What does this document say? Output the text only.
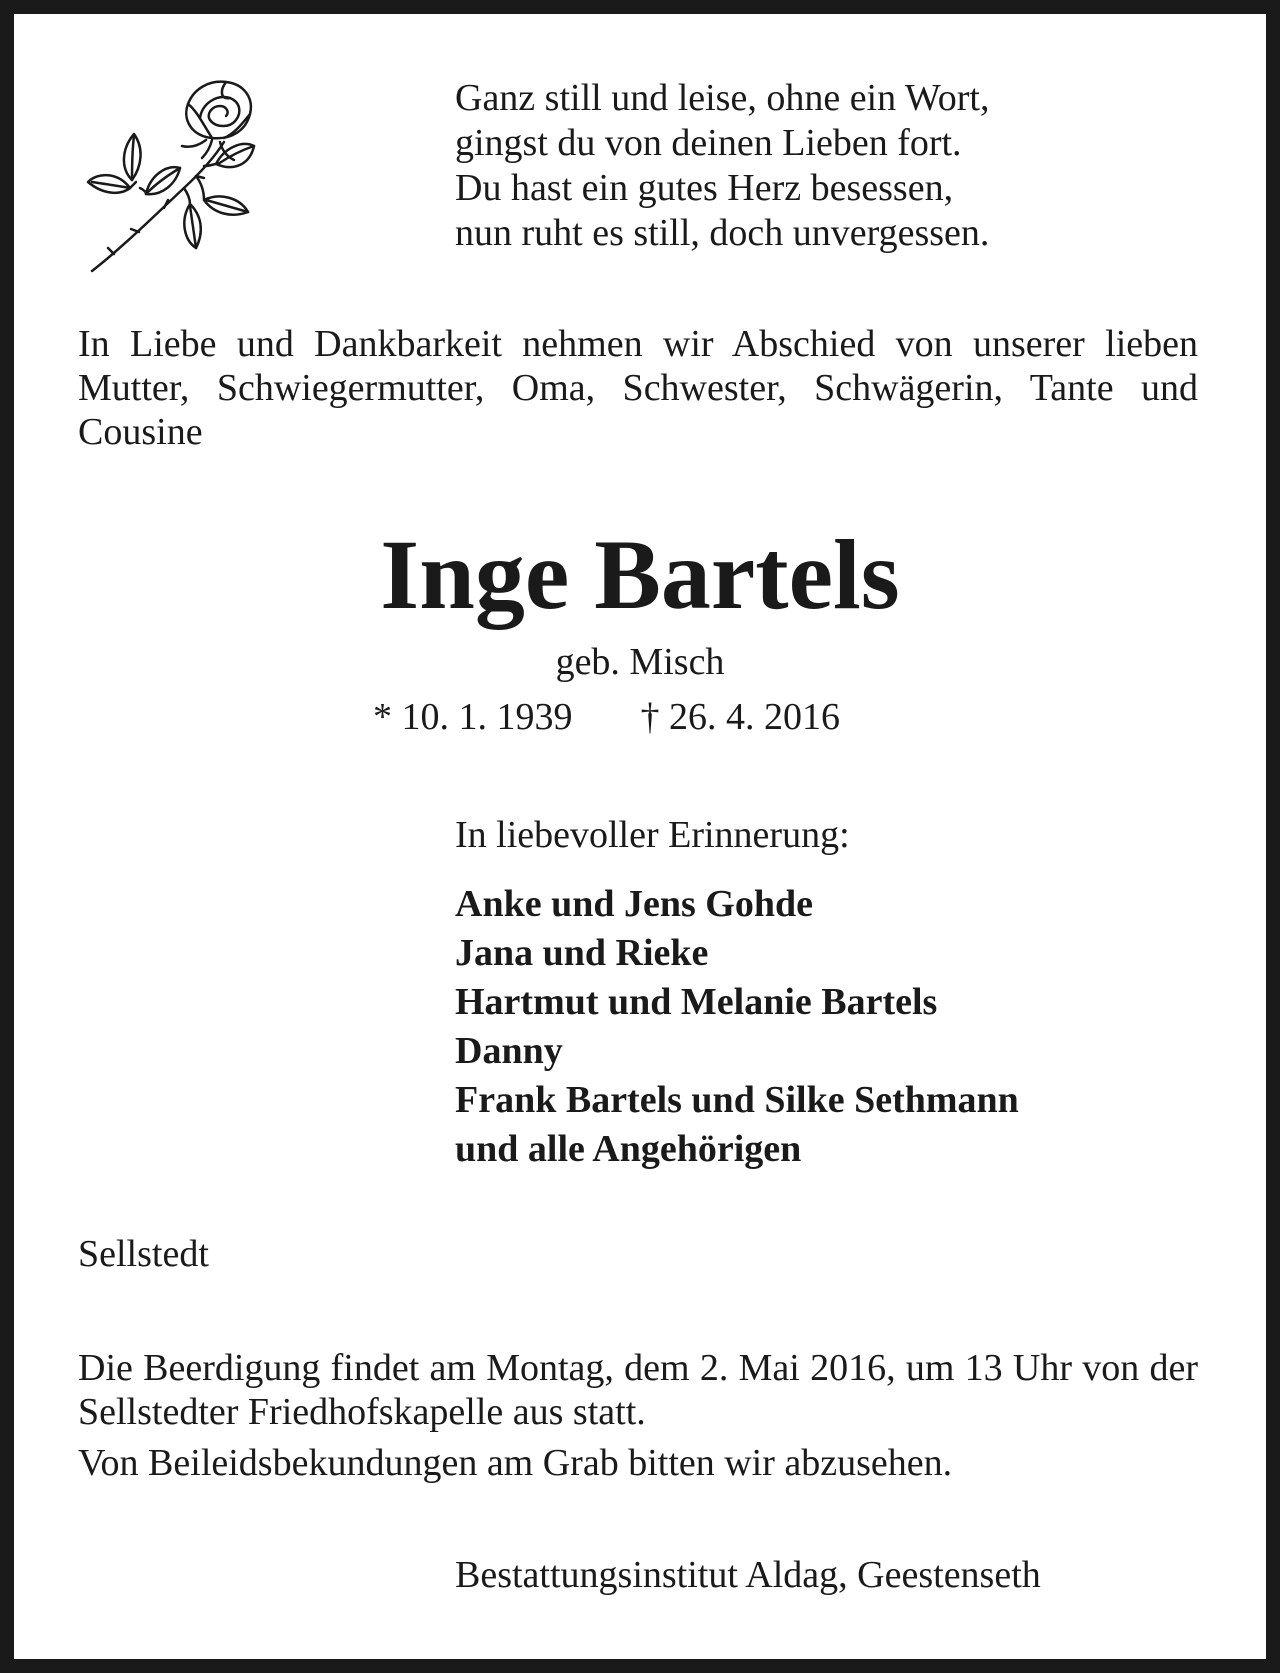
Ganz still und leise, ohne ein Wort,
gingst du von deinen Lieben fort.
Du hast ein gutes Herz besessen,
nun ruht es still, doch unvergessen.
In Liebe und Dankbarkeit nehmen wir Abschied von unserer lieben Mutter, Schwiegermutter, Oma, Schwester, Schwägerin, Tante und Cousine
Inge Bartels
geb. Misch
* 10. 1. 1939 † 26. 4. 2016
In liebevoller Erinnerung:
Anke und Jens Gohde
Jana und Rieke
Hartmut und Melanie Bartels
Danny
Frank Bartels und Silke Sethmann
und alle Angehörigen
Sellstedt
Die Beerdigung findet am Montag, dem 2. Mai 2016, um 13 Uhr von der Sellstedter Friedhofskapelle aus statt.
Von Beileidsbekundungen am Grab bitten wir abzusehen.
Bestattungsinstitut Aldag, Geestenseth
